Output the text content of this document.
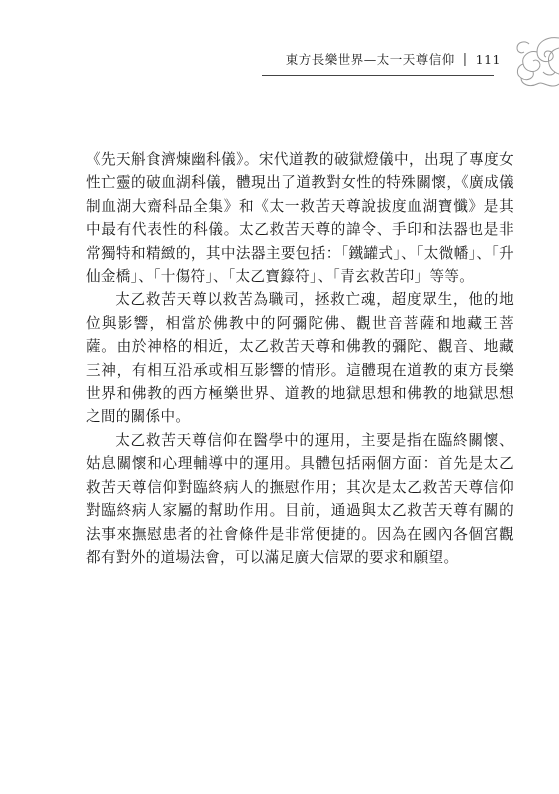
東方長樂世界—太一天尊信仰 | 111

《先天斛食濟煉幽科儀》。宋代道教的破獄燈儀中，出現了專度女性亡靈的破血湖科儀，體現出了道教對女性的特殊關懷，《廣成儀制血湖大齋科品全集》和《太一救苦天尊說拔度血湖寶懺》是其中最有代表性的科儀。太乙救苦天尊的諱令、手印和法器也是非常獨特和精緻的，其中法器主要包括：「鐵罐式」、「太微幡」、「升仙金橋」、「十傷符」、「太乙寶籙符」、「青玄救苦印」等等。

太乙救苦天尊以救苦為職司，拯救亡魂，超度眾生，他的地位與影響，相當於佛教中的阿彌陀佛、觀世音菩薩和地藏王菩薩。由於神格的相近，太乙救苦天尊和佛教的彌陀、觀音、地藏三神，有相互沿承或相互影響的情形。這體現在道教的東方長樂世界和佛教的西方極樂世界、道教的地獄思想和佛教的地獄思想之間的關係中。

太乙救苦天尊信仰在醫學中的運用，主要是指在臨終關懷、姑息關懷和心理輔導中的運用。具體包括兩個方面：首先是太乙救苦天尊信仰對臨終病人的撫慰作用；其次是太乙救苦天尊信仰對臨終病人家屬的幫助作用。目前，通過與太乙救苦天尊有關的法事來撫慰患者的社會條件是非常便捷的。因為在國內各個宮觀都有對外的道場法會，可以滿足廣大信眾的要求和願望。
